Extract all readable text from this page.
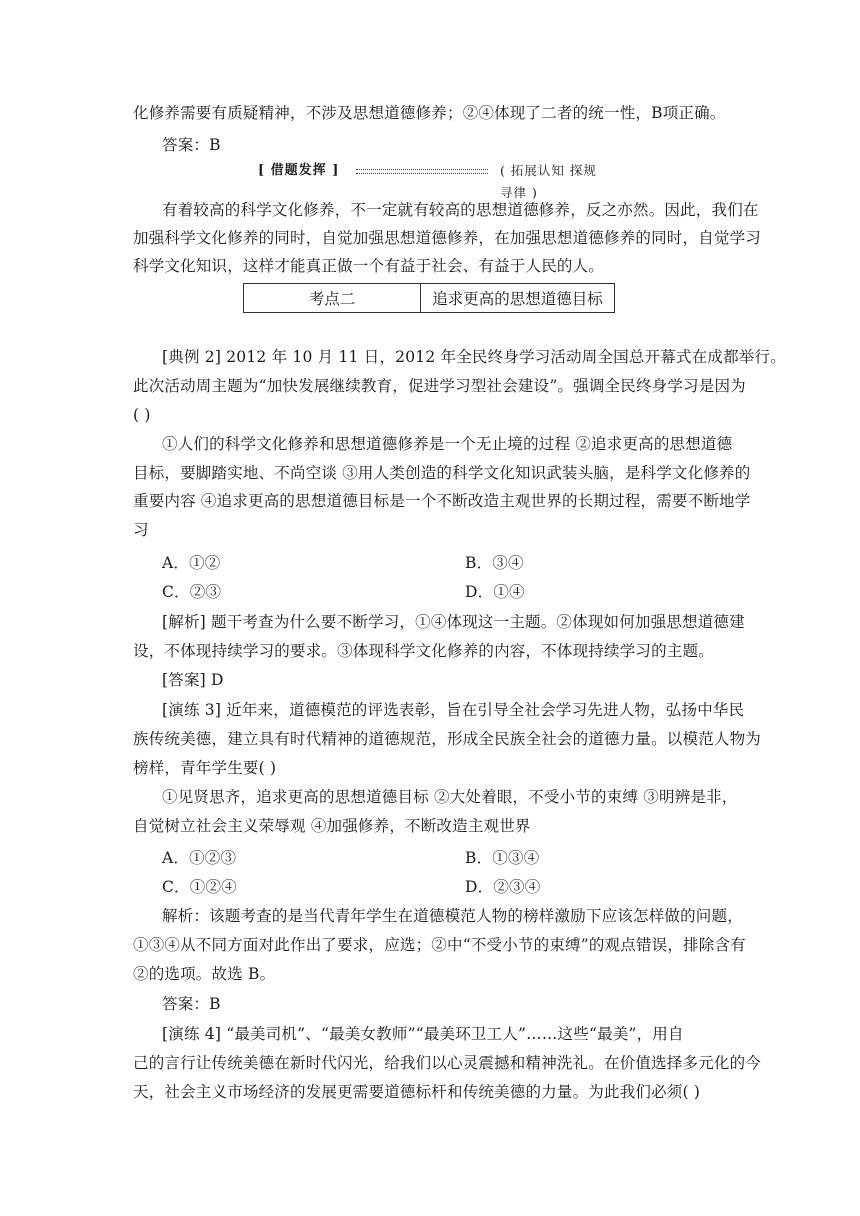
化修养需要有质疑精神，不涉及思想道德修养；②④体现了二者的统一性，B项正确。
答案：B
[ 借题发挥 ]	( 拓展认知 探规寻律 )
有着较高的科学文化修养，不一定就有较高的思想道德修养，反之亦然。因此，我们在
加强科学文化修养的同时，自觉加强思想道德修养，在加强思想道德修养的同时，自觉学习
科学文化知识，这样才能真正做一个有益于社会、有益于人民的人。
考点二	追求更高的思想道德目标
[典例 2] 2012 年 10 月 11 日，2012 年全民终身学习活动周全国总开幕式在成都举行。
此次活动周主题为“加快发展继续教育，促进学习型社会建设”。强调全民终身学习是因为
( )
①人们的科学文化修养和思想道德修养是一个无止境的过程 ②追求更高的思想道德
目标，要脚踏实地、不尚空谈 ③用人类创造的科学文化知识武装头脑，是科学文化修养的
重要内容 ④追求更高的思想道德目标是一个不断改造主观世界的长期过程，需要不断地学
习
A．①②	B．③④
C．②③	D．①④
[解析] 题干考查为什么要不断学习，①④体现这一主题。②体现如何加强思想道德建
设，不体现持续学习的要求。③体现科学文化修养的内容，不体现持续学习的主题。
[答案] D
[演练 3] 近年来，道德模范的评选表彰，旨在引导全社会学习先进人物，弘扬中华民
族传统美德，建立具有时代精神的道德规范，形成全民族全社会的道德力量。以模范人物为
榜样，青年学生要( )
①见贤思齐，追求更高的思想道德目标 ②大处着眼，不受小节的束缚 ③明辨是非，
自觉树立社会主义荣辱观 ④加强修养，不断改造主观世界
A．①②③	B．①③④
C．①②④	D．②③④
解析：该题考查的是当代青年学生在道德模范人物的榜样激励下应该怎样做的问题，
①③④从不同方面对此作出了要求，应选；②中“不受小节的束缚”的观点错误，排除含有
②的选项。故选 B。
答案：B
[演练 4] “最美司机”、“最美女教师”“最美环卫工人”……这些“最美”，用自
己的言行让传统美德在新时代闪光，给我们以心灵震撼和精神洗礼。在价值选择多元化的今
天，社会主义市场经济的发展更需要道德标杆和传统美德的力量。为此我们必须( )
